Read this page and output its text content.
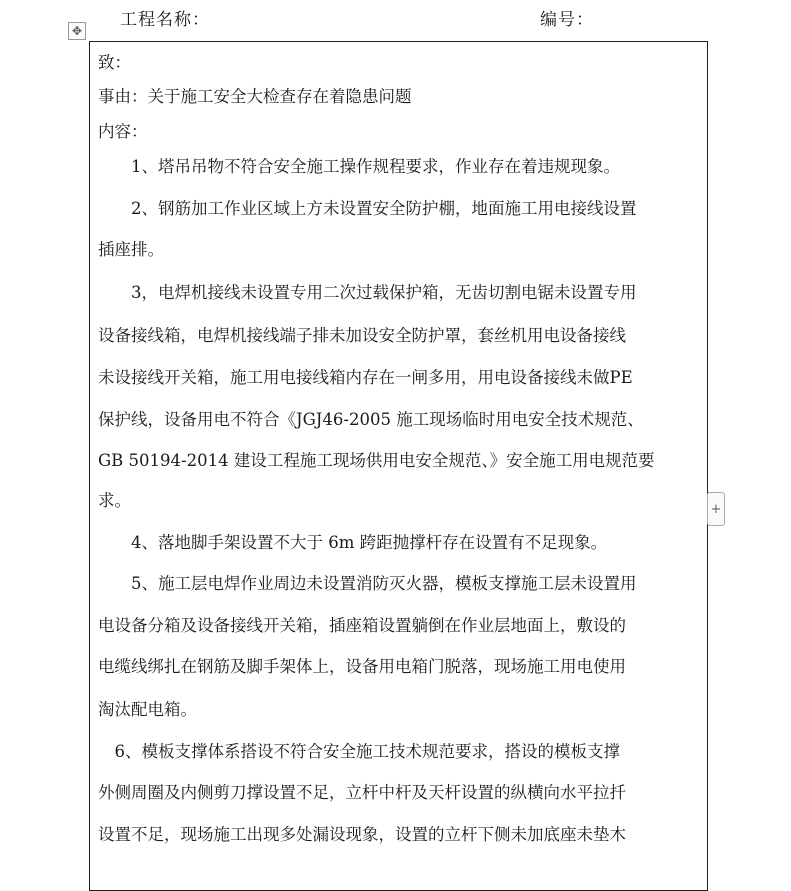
✥
工程名称：	编号：
+
致：
事由：关于施工安全大检查存在着隐患问题
内容：
　　1、塔吊吊物不符合安全施工操作规程要求，作业存在着违规现象。
　　2、钢筋加工作业区域上方未设置安全防护棚，地面施工用电接线设置
插座排。
　　3，电焊机接线未设置专用二次过载保护箱，无齿切割电锯未设置专用
设备接线箱，电焊机接线端子排未加设安全防护罩，套丝机用电设备接线
未设接线开关箱，施工用电接线箱内存在一闸多用，用电设备接线未做PE
保护线，设备用电不符合《JGJ46-2005 施工现场临时用电安全技术规范、
GB 50194-2014 建设工程施工现场供用电安全规范、》安全施工用电规范要
求。
　　4、落地脚手架设置不大于 6m 跨距抛撑杆存在设置有不足现象。
　　5、施工层电焊作业周边未设置消防灭火器，模板支撑施工层未设置用
电设备分箱及设备接线开关箱，插座箱设置躺倒在作业层地面上，敷设的
电缆线绑扎在钢筋及脚手架体上，设备用电箱门脱落，现场施工用电使用
淘汰配电箱。
　6、模板支撑体系搭设不符合安全施工技术规范要求，搭设的模板支撑
外侧周圈及内侧剪刀撑设置不足，立杆中杆及天杆设置的纵横向水平拉扦
设置不足，现场施工出现多处漏设现象，设置的立杆下侧未加底座未垫木
